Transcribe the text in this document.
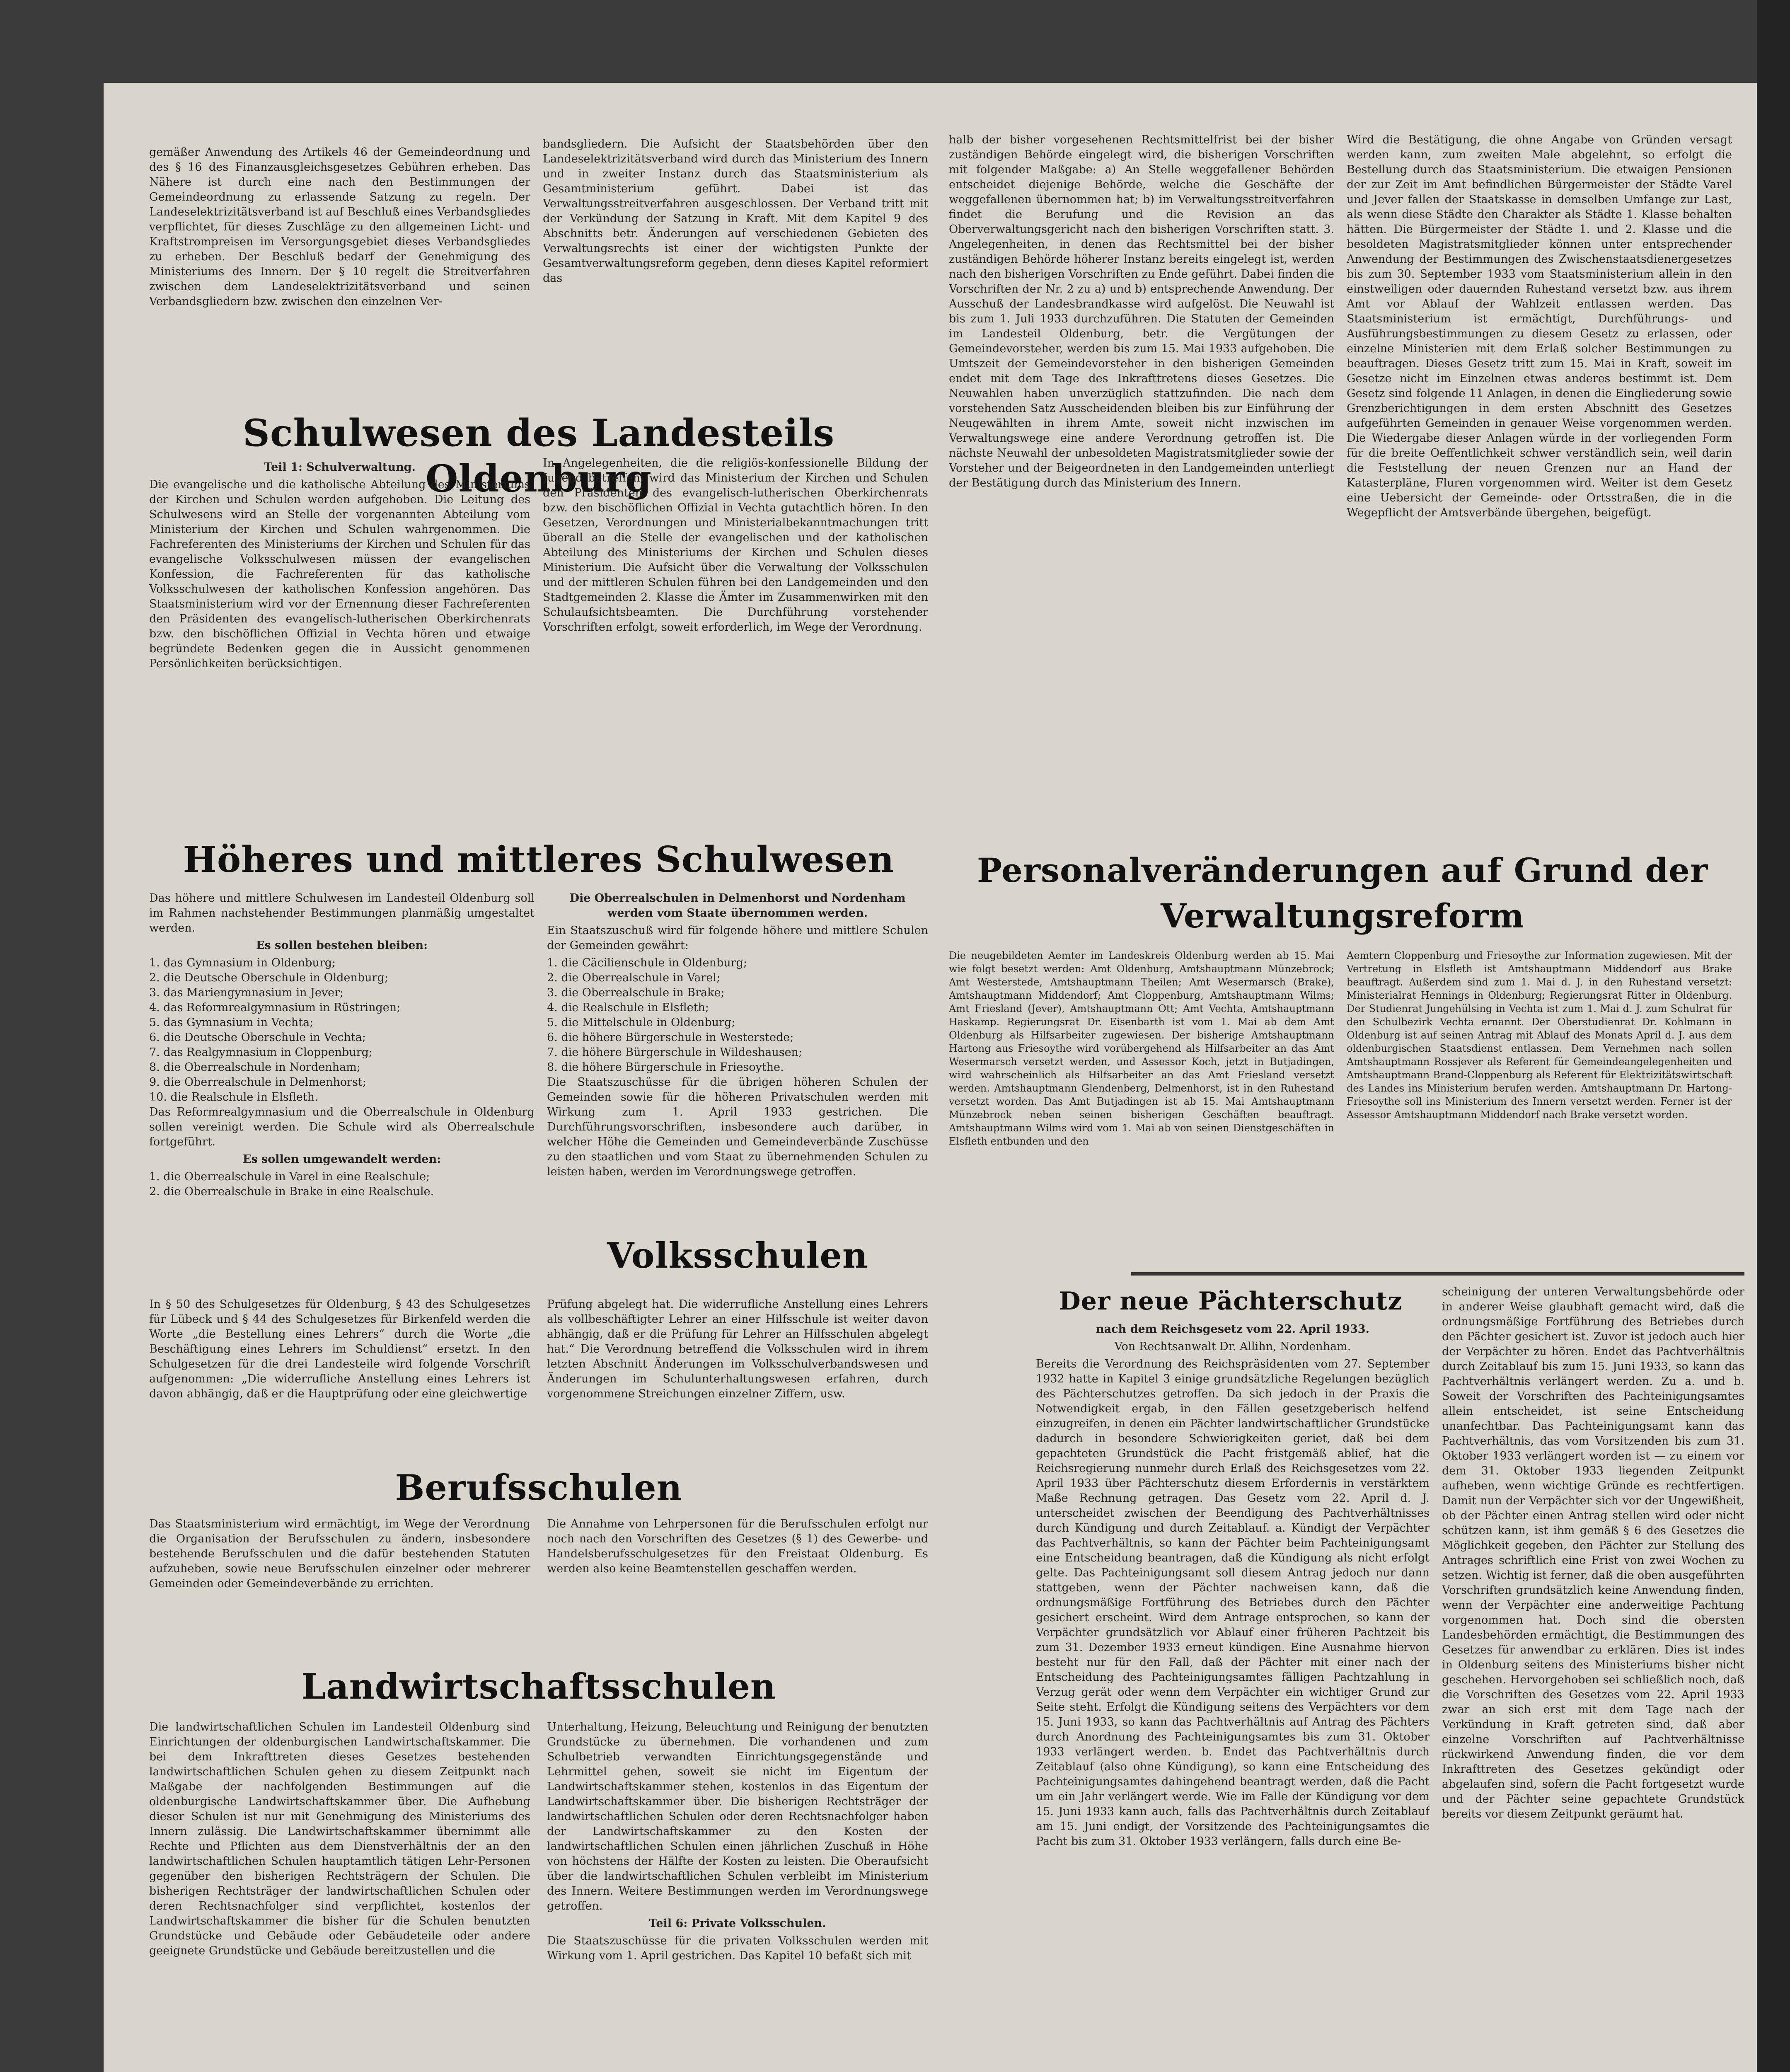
gemäßer Anwendung des Artikels 46 der Gemeindeordnung und des § 16 des Finanzausgleichsgesetzes Gebühren erheben. Das Nähere ist durch eine nach den Bestimmungen der Gemeindeordnung zu erlassende Satzung zu regeln. Der Landeselektrizitätsverband ist auf Beschluß eines Verbandsgliedes verpflichtet, für dieses Zuschläge zu den allgemeinen Licht- und Kraftstrompreisen im Versorgungsgebiet dieses Verbandsgliedes zu erheben. Der Beschluß bedarf der Genehmigung des Ministeriums des Innern. Der § 10 regelt die Streitverfahren zwischen dem Landeselektrizitätsverband und seinen Verbandsgliedern bzw. zwischen den einzelnen Ver-

bandsgliedern. Die Aufsicht der Staatsbehörden über den Landeselektrizitätsverband wird durch das Ministerium des Innern und in zweiter Instanz durch das Staatsministerium als Gesamtministerium geführt. Dabei ist das Verwaltungsstreitverfahren ausgeschlossen. Der Verband tritt mit der Verkündung der Satzung in Kraft. Mit dem Kapitel 9 des Abschnitts betr. Änderungen auf verschiedenen Gebieten des Verwaltungsrechts ist einer der wichtigsten Punkte der Gesamtverwaltungsreform gegeben, denn dieses Kapitel reformiert das

Schulwesen des Landesteils Oldenburg

Teil 1: Schulverwaltung.

Die evangelische und die katholische Abteilung des Ministeriums der Kirchen und Schulen werden aufgehoben. Die Leitung des Schulwesens wird an Stelle der vorgenannten Abteilung vom Ministerium der Kirchen und Schulen wahrgenommen. Die Fachreferenten des Ministeriums der Kirchen und Schulen für das evangelische Volksschulwesen müssen der evangelischen Konfession, die Fachreferenten für das katholische Volksschulwesen der katholischen Konfession angehören. Das Staatsministerium wird vor der Ernennung dieser Fachreferenten den Präsidenten des evangelisch-lutherischen Oberkirchenrats bzw. den bischöflichen Offizial in Vechta hören und etwaige begründete Bedenken gegen die in Aussicht genommenen Persönlichkeiten berücksichtigen.

In Angelegenheiten, die die religiös-konfessionelle Bildung der Jugend betreffen, wird das Ministerium der Kirchen und Schulen den Präsidenten des evangelisch-lutherischen Oberkirchenrats bzw. den bischöflichen Offizial in Vechta gutachtlich hören. In den Gesetzen, Verordnungen und Ministerialbekanntmachungen tritt überall an die Stelle der evangelischen und der katholischen Abteilung des Ministeriums der Kirchen und Schulen dieses Ministerium. Die Aufsicht über die Verwaltung der Volksschulen und der mittleren Schulen führen bei den Landgemeinden und den Stadtgemeinden 2. Klasse die Ämter im Zusammenwirken mit den Schulaufsichtsbeamten. Die Durchführung vorstehender Vorschriften erfolgt, soweit erforderlich, im Wege der Verordnung.

Höheres und mittleres Schulwesen

Das höhere und mittlere Schulwesen im Landesteil Oldenburg soll im Rahmen nachstehender Bestimmungen planmäßig umgestaltet werden.

Es sollen bestehen bleiben:

1. das Gymnasium in Oldenburg;
2. die Deutsche Oberschule in Oldenburg;
3. das Mariengymnasium in Jever;
4. das Reformrealgymnasium in Rüstringen;
5. das Gymnasium in Vechta;
6. die Deutsche Oberschule in Vechta;
7. das Realgymnasium in Cloppenburg;
8. die Oberrealschule in Nordenham;
9. die Oberrealschule in Delmenhorst;
10. die Realschule in Elsfleth.

Das Reformrealgymnasium und die Oberrealschule in Oldenburg sollen vereinigt werden. Die Schule wird als Oberrealschule fortgeführt.

Es sollen umgewandelt werden:

1. die Oberrealschule in Varel in eine Realschule;
2. die Oberrealschule in Brake in eine Realschule.

Die Oberrealschulen in Delmenhorst und Nordenham werden vom Staate übernommen werden.

Ein Staatszuschuß wird für folgende höhere und mittlere Schulen der Gemeinden gewährt:

1. die Cäcilienschule in Oldenburg;
2. die Oberrealschule in Varel;
3. die Oberrealschule in Brake;
4. die Realschule in Elsfleth;
5. die Mittelschule in Oldenburg;
6. die höhere Bürgerschule in Westerstede;
7. die höhere Bürgerschule in Wildeshausen;
8. die höhere Bürgerschule in Friesoythe.

Die Staatszuschüsse für die übrigen höheren Schulen der Gemeinden sowie für die höheren Privatschulen werden mit Wirkung zum 1. April 1933 gestrichen. Die Durchführungsvorschriften, insbesondere auch darüber, in welcher Höhe die Gemeinden und Gemeindeverbände Zuschüsse zu den staatlichen und vom Staat zu übernehmenden Schulen zu leisten haben, werden im Verordnungswege getroffen.

Volksschulen

In § 50 des Schulgesetzes für Oldenburg, § 43 des Schulgesetzes für Lübeck und § 44 des Schulgesetzes für Birkenfeld werden die Worte „die Bestellung eines Lehrers“ durch die Worte „die Beschäftigung eines Lehrers im Schuldienst“ ersetzt. In den Schulgesetzen für die drei Landesteile wird folgende Vorschrift aufgenommen: „Die widerrufliche Anstellung eines Lehrers ist davon abhängig, daß er die Hauptprüfung oder eine gleichwertige

Prüfung abgelegt hat. Die widerrufliche Anstellung eines Lehrers als vollbeschäftigter Lehrer an einer Hilfsschule ist weiter davon abhängig, daß er die Prüfung für Lehrer an Hilfsschulen abgelegt hat.“ Die Verordnung betreffend die Volksschulen wird in ihrem letzten Abschnitt Änderungen im Volksschulverbandswesen und Änderungen im Schulunterhaltungswesen erfahren, durch vorgenommene Streichungen einzelner Ziffern, usw.

Berufsschulen

Das Staatsministerium wird ermächtigt, im Wege der Verordnung die Organisation der Berufsschulen zu ändern, insbesondere bestehende Berufsschulen und die dafür bestehenden Statuten aufzuheben, sowie neue Berufsschulen einzelner oder mehrerer Gemeinden oder Gemeindeverbände zu errichten.

Die Annahme von Lehrpersonen für die Berufsschulen erfolgt nur noch nach den Vorschriften des Gesetzes (§ 1) des Gewerbe- und Handelsberufsschulgesetzes für den Freistaat Oldenburg. Es werden also keine Beamtenstellen geschaffen werden.

Landwirtschaftsschulen

Die landwirtschaftlichen Schulen im Landesteil Oldenburg sind Einrichtungen der oldenburgischen Landwirtschaftskammer. Die bei dem Inkrafttreten dieses Gesetzes bestehenden landwirtschaftlichen Schulen gehen zu diesem Zeitpunkt nach Maßgabe der nachfolgenden Bestimmungen auf die oldenburgische Landwirtschaftskammer über. Die Aufhebung dieser Schulen ist nur mit Genehmigung des Ministeriums des Innern zulässig. Die Landwirtschaftskammer übernimmt alle Rechte und Pflichten aus dem Dienstverhältnis der an den landwirtschaftlichen Schulen hauptamtlich tätigen Lehr-Personen gegenüber den bisherigen Rechtsträgern der Schulen. Die bisherigen Rechtsträger der landwirtschaftlichen Schulen oder deren Rechtsnachfolger sind verpflichtet, kostenlos der Landwirtschaftskammer die bisher für die Schulen benutzten Grundstücke und Gebäude oder Gebäudeteile oder andere geeignete Grundstücke und Gebäude bereitzustellen und die

Unterhaltung, Heizung, Beleuchtung und Reinigung der benutzten Grundstücke zu übernehmen. Die vorhandenen und zum Schulbetrieb verwandten Einrichtungsgegenstände und Lehrmittel gehen, soweit sie nicht im Eigentum der Landwirtschaftskammer stehen, kostenlos in das Eigentum der Landwirtschaftskammer über. Die bisherigen Rechtsträger der landwirtschaftlichen Schulen oder deren Rechtsnachfolger haben der Landwirtschaftskammer zu den Kosten der landwirtschaftlichen Schulen einen jährlichen Zuschuß in Höhe von höchstens der Hälfte der Kosten zu leisten. Die Oberaufsicht über die landwirtschaftlichen Schulen verbleibt im Ministerium des Innern. Weitere Bestimmungen werden im Verordnungswege getroffen.

Teil 6: Private Volksschulen.

Die Staatszuschüsse für die privaten Volksschulen werden mit Wirkung vom 1. April gestrichen. Das Kapitel 10 befaßt sich mit

halb der bisher vorgesehenen Rechtsmittelfrist bei der bisher zuständigen Behörde eingelegt wird, die bisherigen Vorschriften mit folgender Maßgabe: a) An Stelle weggefallener Behörden entscheidet diejenige Behörde, welche die Geschäfte der weggefallenen übernommen hat; b) im Verwaltungsstreitverfahren findet die Berufung und die Revision an das Oberverwaltungsgericht nach den bisherigen Vorschriften statt. 3. Angelegenheiten, in denen das Rechtsmittel bei der bisher zuständigen Behörde höherer Instanz bereits eingelegt ist, werden nach den bisherigen Vorschriften zu Ende geführt. Dabei finden die Vorschriften der Nr. 2 zu a) und b) entsprechende Anwendung. Der Ausschuß der Landesbrandkasse wird aufgelöst. Die Neuwahl ist bis zum 1. Juli 1933 durchzuführen. Die Statuten der Gemeinden im Landesteil Oldenburg, betr. die Vergütungen der Gemeindevorsteher, werden bis zum 15. Mai 1933 aufgehoben. Die Umtszeit der Gemeindevorsteher in den bisherigen Gemeinden endet mit dem Tage des Inkrafttretens dieses Gesetzes. Die Neuwahlen haben unverzüglich stattzufinden. Die nach dem vorstehenden Satz Ausscheidenden bleiben bis zur Einführung der Neugewählten in ihrem Amte, soweit nicht inzwischen im Verwaltungswege eine andere Verordnung getroffen ist. Die nächste Neuwahl der unbesoldeten Magistratsmitglieder sowie der Vorsteher und der Beigeordneten in den Landgemeinden unterliegt der Bestätigung durch das Ministerium des Innern.

Wird die Bestätigung, die ohne Angabe von Gründen versagt werden kann, zum zweiten Male abgelehnt, so erfolgt die Bestellung durch das Staatsministerium. Die etwaigen Pensionen der zur Zeit im Amt befindlichen Bürgermeister der Städte Varel und Jever fallen der Staatskasse in demselben Umfange zur Last, als wenn diese Städte den Charakter als Städte 1. Klasse behalten hätten. Die Bürgermeister der Städte 1. und 2. Klasse und die besoldeten Magistratsmitglieder können unter entsprechender Anwendung der Bestimmungen des Zwischenstaatsdienergesetzes bis zum 30. September 1933 vom Staatsministerium allein in den einstweiligen oder dauernden Ruhestand versetzt bzw. aus ihrem Amt vor Ablauf der Wahlzeit entlassen werden. Das Staatsministerium ist ermächtigt, Durchführungs- und Ausführungsbestimmungen zu diesem Gesetz zu erlassen, oder einzelne Ministerien mit dem Erlaß solcher Bestimmungen zu beauftragen. Dieses Gesetz tritt zum 15. Mai in Kraft, soweit im Gesetze nicht im Einzelnen etwas anderes bestimmt ist. Dem Gesetz sind folgende 11 Anlagen, in denen die Eingliederung sowie Grenzberichtigungen in dem ersten Abschnitt des Gesetzes aufgeführten Gemeinden in genauer Weise vorgenommen werden. Die Wiedergabe dieser Anlagen würde in der vorliegenden Form für die breite Oeffentlichkeit schwer verständlich sein, weil darin die Feststellung der neuen Grenzen nur an Hand der Katasterpläne, Fluren vorgenommen wird. Weiter ist dem Gesetz eine Uebersicht der Gemeinde- oder Ortsstraßen, die in die Wegepflicht der Amtsverbände übergehen, beigefügt.

Personalveränderungen auf Grund der
Verwaltungsreform

Die neugebildeten Aemter im Landeskreis Oldenburg werden ab 15. Mai wie folgt besetzt werden: Amt Oldenburg, Amtshauptmann Münzebrock; Amt Westerstede, Amtshauptmann Theilen; Amt Wesermarsch (Brake), Amtshauptmann Middendorf; Amt Cloppenburg, Amtshauptmann Wilms; Amt Friesland (Jever), Amtshauptmann Ott; Amt Vechta, Amtshauptmann Haskamp. Regierungsrat Dr. Eisenbarth ist vom 1. Mai ab dem Amt Oldenburg als Hilfsarbeiter zugewiesen. Der bisherige Amtshauptmann Hartong aus Friesoythe wird vorübergehend als Hilfsarbeiter an das Amt Wesermarsch versetzt werden, und Assessor Koch, jetzt in Butjadingen, wird wahrscheinlich als Hilfsarbeiter an das Amt Friesland versetzt werden. Amtshauptmann Glendenberg, Delmenhorst, ist in den Ruhestand versetzt worden. Das Amt Butjadingen ist ab 15. Mai Amtshauptmann Münzebrock neben seinen bisherigen Geschäften beauftragt. Amtshauptmann Wilms wird vom 1. Mai ab von seinen Dienstgeschäften in Elsfleth entbunden und den

Aemtern Cloppenburg und Friesoythe zur Information zugewiesen. Mit der Vertretung in Elsfleth ist Amtshauptmann Middendorf aus Brake beauftragt. Außerdem sind zum 1. Mai d. J. in den Ruhestand versetzt: Ministerialrat Hennings in Oldenburg; Regierungsrat Ritter in Oldenburg. Der Studienrat Jungehülsing in Vechta ist zum 1. Mai d. J. zum Schulrat für den Schulbezirk Vechta ernannt. Der Oberstudienrat Dr. Kohlmann in Oldenburg ist auf seinen Antrag mit Ablauf des Monats April d. J. aus dem oldenburgischen Staatsdienst entlassen. Dem Vernehmen nach sollen Amtshauptmann Rossjever als Referent für Gemeindeangelegenheiten und Amtshauptmann Brand-Cloppenburg als Referent für Elektrizitätswirtschaft des Landes ins Ministerium berufen werden. Amtshauptmann Dr. Hartong-Friesoythe soll ins Ministerium des Innern versetzt werden. Ferner ist der Assessor Amtshauptmann Middendorf nach Brake versetzt worden.

Der neue Pächterschutz

nach dem Reichsgesetz vom 22. April 1933.

Von Rechtsanwalt Dr. Allihn, Nordenham.

Bereits die Verordnung des Reichspräsidenten vom 27. September 1932 hatte in Kapitel 3 einige grundsätzliche Regelungen bezüglich des Pächterschutzes getroffen. Da sich jedoch in der Praxis die Notwendigkeit ergab, in den Fällen gesetzgeberisch helfend einzugreifen, in denen ein Pächter landwirtschaftlicher Grundstücke dadurch in besondere Schwierigkeiten geriet, daß bei dem gepachteten Grundstück die Pacht fristgemäß ablief, hat die Reichsregierung nunmehr durch Erlaß des Reichsgesetzes vom 22. April 1933 über Pächterschutz diesem Erfordernis in verstärktem Maße Rechnung getragen. Das Gesetz vom 22. April d. J. unterscheidet zwischen der Beendigung des Pachtverhältnisses durch Kündigung und durch Zeitablauf. a. Kündigt der Verpächter das Pachtverhältnis, so kann der Pächter beim Pachteinigungsamt eine Entscheidung beantragen, daß die Kündigung als nicht erfolgt gelte. Das Pachteinigungsamt soll diesem Antrag jedoch nur dann stattgeben, wenn der Pächter nachweisen kann, daß die ordnungsmäßige Fortführung des Betriebes durch den Pächter gesichert erscheint. Wird dem Antrage entsprochen, so kann der Verpächter grundsätzlich vor Ablauf einer früheren Pachtzeit bis zum 31. Dezember 1933 erneut kündigen. Eine Ausnahme hiervon besteht nur für den Fall, daß der Pächter mit einer nach der Entscheidung des Pachteinigungsamtes fälligen Pachtzahlung in Verzug gerät oder wenn dem Verpächter ein wichtiger Grund zur Seite steht. Erfolgt die Kündigung seitens des Verpächters vor dem 15. Juni 1933, so kann das Pachtverhältnis auf Antrag des Pächters durch Anordnung des Pachteinigungsamtes bis zum 31. Oktober 1933 verlängert werden. b. Endet das Pachtverhältnis durch Zeitablauf (also ohne Kündigung), so kann eine Entscheidung des Pachteinigungsamtes dahingehend beantragt werden, daß die Pacht um ein Jahr verlängert werde. Wie im Falle der Kündigung vor dem 15. Juni 1933 kann auch, falls das Pachtverhältnis durch Zeitablauf am 15. Juni endigt, der Vorsitzende des Pachteinigungsamtes die Pacht bis zum 31. Oktober 1933 verlängern, falls durch eine Be-

scheinigung der unteren Verwaltungsbehörde oder in anderer Weise glaubhaft gemacht wird, daß die ordnungsmäßige Fortführung des Betriebes durch den Pächter gesichert ist. Zuvor ist jedoch auch hier der Verpächter zu hören. Endet das Pachtverhältnis durch Zeitablauf bis zum 15. Juni 1933, so kann das Pachtverhältnis verlängert werden. Zu a. und b. Soweit der Vorschriften des Pachteinigungsamtes allein entscheidet, ist seine Entscheidung unanfechtbar. Das Pachteinigungsamt kann das Pachtverhältnis, das vom Vorsitzenden bis zum 31. Oktober 1933 verlängert worden ist — zu einem vor dem 31. Oktober 1933 liegenden Zeitpunkt aufheben, wenn wichtige Gründe es rechtfertigen. Damit nun der Verpächter sich vor der Ungewißheit, ob der Pächter einen Antrag stellen wird oder nicht schützen kann, ist ihm gemäß § 6 des Gesetzes die Möglichkeit gegeben, den Pächter zur Stellung des Antrages schriftlich eine Frist von zwei Wochen zu setzen. Wichtig ist ferner, daß die oben ausgeführten Vorschriften grundsätzlich keine Anwendung finden, wenn der Verpächter eine anderweitige Pachtung vorgenommen hat. Doch sind die obersten Landesbehörden ermächtigt, die Bestimmungen des Gesetzes für anwendbar zu erklären. Dies ist indes in Oldenburg seitens des Ministeriums bisher nicht geschehen. Hervorgehoben sei schließlich noch, daß die Vorschriften des Gesetzes vom 22. April 1933 zwar an sich erst mit dem Tage nach der Verkündung in Kraft getreten sind, daß aber einzelne Vorschriften auf Pachtverhältnisse rückwirkend Anwendung finden, die vor dem Inkrafttreten des Gesetzes gekündigt oder abgelaufen sind, sofern die Pacht fortgesetzt wurde und der Pächter seine gepachtete Grundstück bereits vor diesem Zeitpunkt geräumt hat.
